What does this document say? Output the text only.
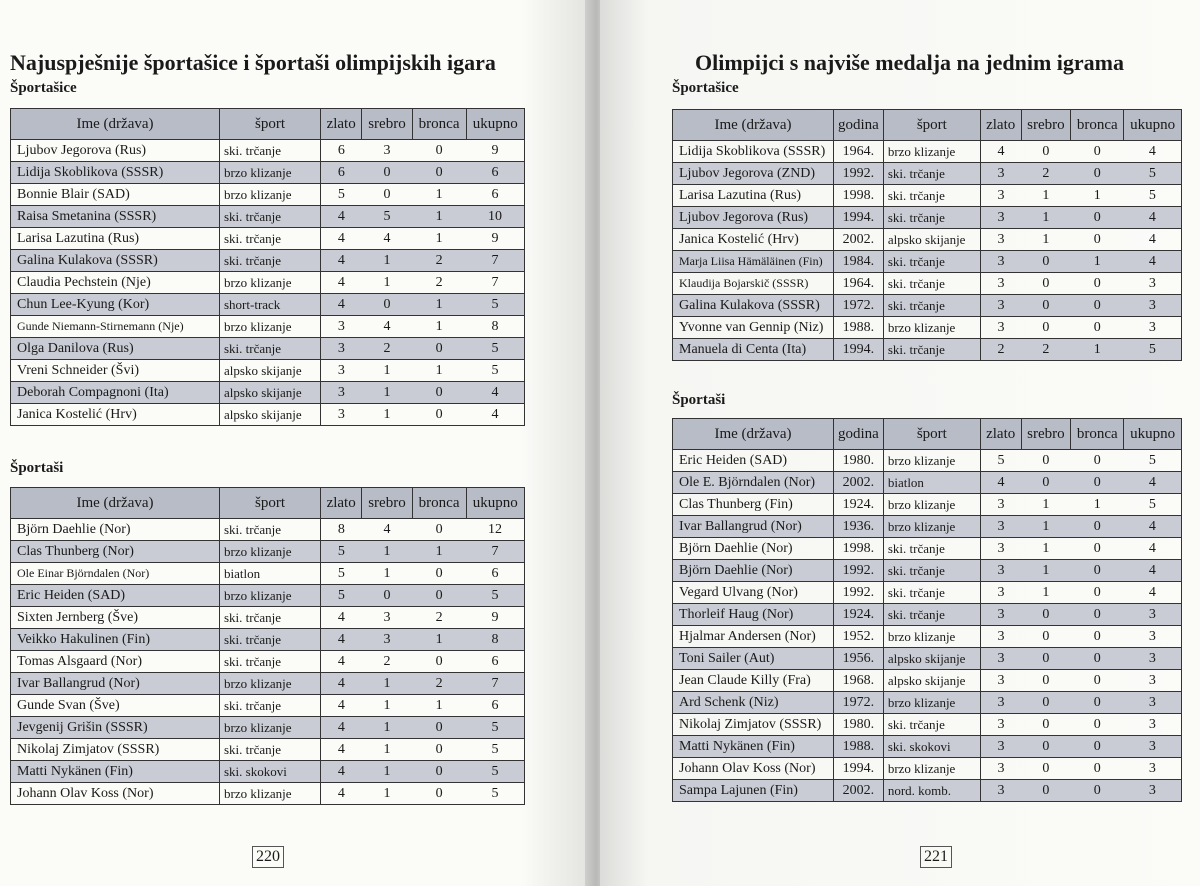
Najuspješnije športašice i športaši olimpijskih igara
Športašice
Ime (država)	šport	zlato	srebro	bronca	ukupno
Ljubov Jegorova (Rus)	ski. trčanje	6	3	0	9
Lidija Skoblikova (SSSR)	brzo klizanje	6	0	0	6
Bonnie Blair (SAD)	brzo klizanje	5	0	1	6
Raisa Smetanina (SSSR)	ski. trčanje	4	5	1	10
Larisa Lazutina (Rus)	ski. trčanje	4	4	1	9
Galina Kulakova (SSSR)	ski. trčanje	4	1	2	7
Claudia Pechstein (Nje)	brzo klizanje	4	1	2	7
Chun Lee-Kyung (Kor)	short-track	4	0	1	5
Gunde Niemann-Stirnemann (Nje)	brzo klizanje	3	4	1	8
Olga Danilova (Rus)	ski. trčanje	3	2	0	5
Vreni Schneider (Švi)	alpsko skijanje	3	1	1	5
Deborah Compagnoni (Ita)	alpsko skijanje	3	1	0	4
Janica Kostelić (Hrv)	alpsko skijanje	3	1	0	4
Športaši
Ime (država)	šport	zlato	srebro	bronca	ukupno
Björn Daehlie (Nor)	ski. trčanje	8	4	0	12
Clas Thunberg (Nor)	brzo klizanje	5	1	1	7
Ole Einar Björndalen (Nor)	biatlon	5	1	0	6
Eric Heiden (SAD)	brzo klizanje	5	0	0	5
Sixten Jernberg (Šve)	ski. trčanje	4	3	2	9
Veikko Hakulinen (Fin)	ski. trčanje	4	3	1	8
Tomas Alsgaard (Nor)	ski. trčanje	4	2	0	6
Ivar Ballangrud (Nor)	brzo klizanje	4	1	2	7
Gunde Svan (Šve)	ski. trčanje	4	1	1	6
Jevgenij Grišin (SSSR)	brzo klizanje	4	1	0	5
Nikolaj Zimjatov (SSSR)	ski. trčanje	4	1	0	5
Matti Nykänen (Fin)	ski. skokovi	4	1	0	5
Johann Olav Koss (Nor)	brzo klizanje	4	1	0	5
220
Olimpijci s najviše medalja na jednim igrama
Športašice
Ime (država)	godina	šport	zlato	srebro	bronca	ukupno
Lidija Skoblikova (SSSR)	1964.	brzo klizanje	4	0	0	4
Ljubov Jegorova (ZND)	1992.	ski. trčanje	3	2	0	5
Larisa Lazutina (Rus)	1998.	ski. trčanje	3	1	1	5
Ljubov Jegorova (Rus)	1994.	ski. trčanje	3	1	0	4
Janica Kostelić (Hrv)	2002.	alpsko skijanje	3	1	0	4
Marja Liisa Hämäläinen (Fin)	1984.	ski. trčanje	3	0	1	4
Klaudija Bojarskič (SSSR)	1964.	ski. trčanje	3	0	0	3
Galina Kulakova (SSSR)	1972.	ski. trčanje	3	0	0	3
Yvonne van Gennip (Niz)	1988.	brzo klizanje	3	0	0	3
Manuela di Centa (Ita)	1994.	ski. trčanje	2	2	1	5
Športaši
Ime (država)	godina	šport	zlato	srebro	bronca	ukupno
Eric Heiden (SAD)	1980.	brzo klizanje	5	0	0	5
Ole E. Björndalen (Nor)	2002.	biatlon	4	0	0	4
Clas Thunberg (Fin)	1924.	brzo klizanje	3	1	1	5
Ivar Ballangrud (Nor)	1936.	brzo klizanje	3	1	0	4
Björn Daehlie (Nor)	1998.	ski. trčanje	3	1	0	4
Björn Daehlie (Nor)	1992.	ski. trčanje	3	1	0	4
Vegard Ulvang (Nor)	1992.	ski. trčanje	3	1	0	4
Thorleif Haug (Nor)	1924.	ski. trčanje	3	0	0	3
Hjalmar Andersen (Nor)	1952.	brzo klizanje	3	0	0	3
Toni Sailer (Aut)	1956.	alpsko skijanje	3	0	0	3
Jean Claude Killy (Fra)	1968.	alpsko skijanje	3	0	0	3
Ard Schenk (Niz)	1972.	brzo klizanje	3	0	0	3
Nikolaj Zimjatov (SSSR)	1980.	ski. trčanje	3	0	0	3
Matti Nykänen (Fin)	1988.	ski. skokovi	3	0	0	3
Johann Olav Koss (Nor)	1994.	brzo klizanje	3	0	0	3
Sampa Lajunen (Fin)	2002.	nord. komb.	3	0	0	3
221
